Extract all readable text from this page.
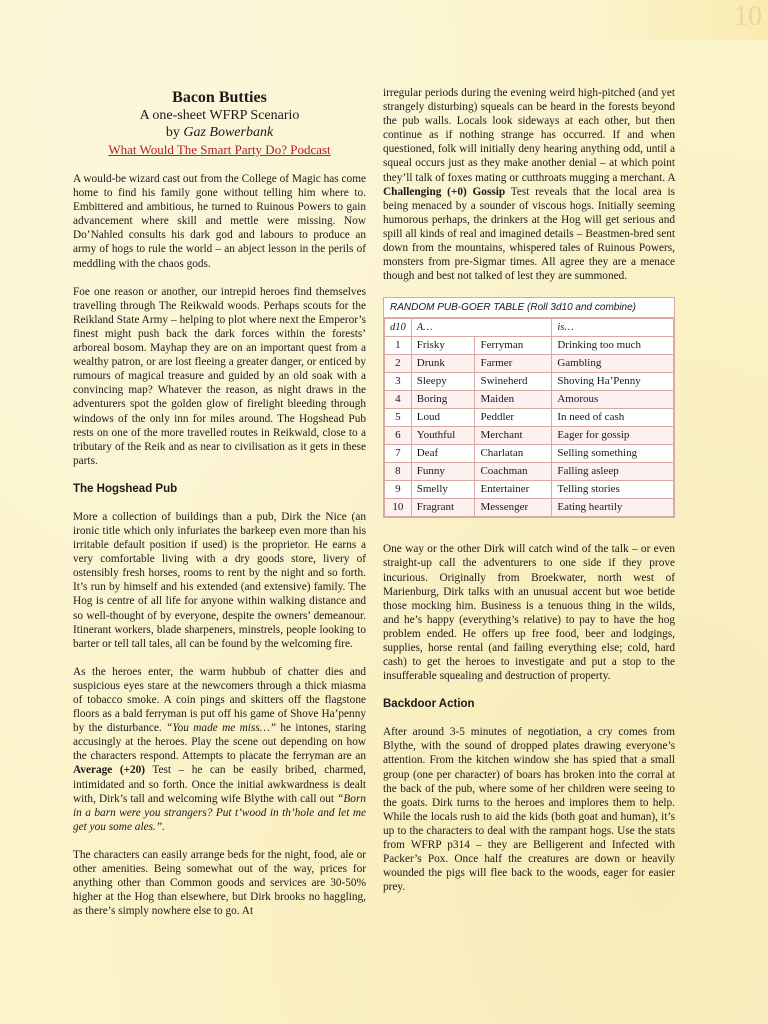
10
Bacon Butties
A one-sheet WFRP Scenario
by Gaz Bowerbank
What Would The Smart Party Do? Podcast

A would-be wizard cast out from the College of Magic has come home to find his family gone without telling him where to. Embittered and ambitious, he turned to Ruinous Powers to gain advancement where skill and mettle were missing. Now Do’Nahled consults his dark god and labours to produce an army of hogs to rule the world – an abject lesson in the perils of meddling with the chaos gods.

Foe one reason or another, our intrepid heroes find themselves travelling through The Reikwald woods. Perhaps scouts for the Reikland State Army – helping to plot where next the Emperor’s finest might push back the dark forces within the forests’ arboreal bosom. Mayhap they are on an important quest from a wealthy patron, or are lost fleeing a greater danger, or enticed by rumours of magical treasure and guided by an old soak with a convincing map? Whatever the reason, as night draws in the adventurers spot the golden glow of firelight bleeding through windows of the only inn for miles around. The Hogshead Pub rests on one of the more travelled routes in Reikwald, close to a tributary of the Reik and as near to civilisation as it gets in these parts.

The Hogshead Pub

More a collection of buildings than a pub, Dirk the Nice (an ironic title which only infuriates the barkeep even more than his irritable default position if used) is the proprietor. He earns a very comfortable living with a dry goods store, livery of ostensibly fresh horses, rooms to rent by the night and so forth. It’s run by himself and his extended (and extensive) family. The Hog is centre of all life for anyone within walking distance and so well-thought of by everyone, despite the owners’ demeanour. Itinerant workers, blade sharpeners, minstrels, people looking to barter or tell tall tales, all can be found by the welcoming fire.

As the heroes enter, the warm hubbub of chatter dies and suspicious eyes stare at the newcomers through a thick miasma of tobacco smoke. A coin pings and skitters off the flagstone floors as a bald ferryman is put off his game of Shove Ha’penny by the disturbance. “You made me miss…” he intones, staring accusingly at the heroes. Play the scene out depending on how the characters respond. Attempts to placate the ferryman are an Average (+20) Test – he can be easily bribed, charmed, intimidated and so forth. Once the initial awkwardness is dealt with, Dirk’s tall and welcoming wife Blythe with call out “Born in a barn were you strangers? Put t’wood in th’hole and let me get you some ales.”.

The characters can easily arrange beds for the night, food, ale or other amenities. Being somewhat out of the way, prices for anything other than Common goods and services are 30-50% higher at the Hog than elsewhere, but Dirk brooks no haggling, as there’s simply nowhere else to go. At

irregular periods during the evening weird high-pitched (and yet strangely disturbing) squeals can be heard in the forests beyond the pub walls. Locals look sideways at each other, but then continue as if nothing strange has occurred. If and when questioned, folk will initially deny hearing anything odd, until a squeal occurs just as they make another denial – at which point they’ll talk of foxes mating or cutthroats mugging a merchant. A Challenging (+0) Gossip Test reveals that the local area is being menaced by a sounder of viscous hogs. Initially seeming humorous perhaps, the drinkers at the Hog will get serious and spill all kinds of real and imagined details – Beastmen-bred sent down from the mountains, whispered tales of Ruinous Powers, monsters from pre-Sigmar times. All agree they are a menace though and best not talked of lest they are summoned.

RANDOM PUB-GOER TABLE (Roll 3d10 and combine)
d10	A…		is…
1	Frisky	Ferryman	Drinking too much
2	Drunk	Farmer	Gambling
3	Sleepy	Swineherd	Shoving Ha’Penny
4	Boring	Maiden	Amorous
5	Loud	Peddler	In need of cash
6	Youthful	Merchant	Eager for gossip
7	Deaf	Charlatan	Selling something
8	Funny	Coachman	Falling asleep
9	Smelly	Entertainer	Telling stories
10	Fragrant	Messenger	Eating heartily

One way or the other Dirk will catch wind of the talk – or even straight-up call the adventurers to one side if they prove incurious. Originally from Broekwater, north west of Marienburg, Dirk talks with an unusual accent but woe betide those mocking him. Business is a tenuous thing in the wilds, and he’s happy (everything’s relative) to pay to have the hog problem ended. He offers up free food, beer and lodgings, supplies, horse rental (and failing everything else; cold, hard cash) to get the heroes to investigate and put a stop to the insufferable squealing and destruction of property.

Backdoor Action

After around 3-5 minutes of negotiation, a cry comes from Blythe, with the sound of dropped plates drawing everyone’s attention. From the kitchen window she has spied that a small group (one per character) of boars has broken into the corral at the back of the pub, where some of her children were seeing to the goats. Dirk turns to the heroes and implores them to help. While the locals rush to aid the kids (both goat and human), it’s up to the characters to deal with the rampant hogs. Use the stats from WFRP p314 – they are Belligerent and Infected with Packer’s Pox. Once half the creatures are down or heavily wounded the pigs will flee back to the woods, eager for easier prey.
